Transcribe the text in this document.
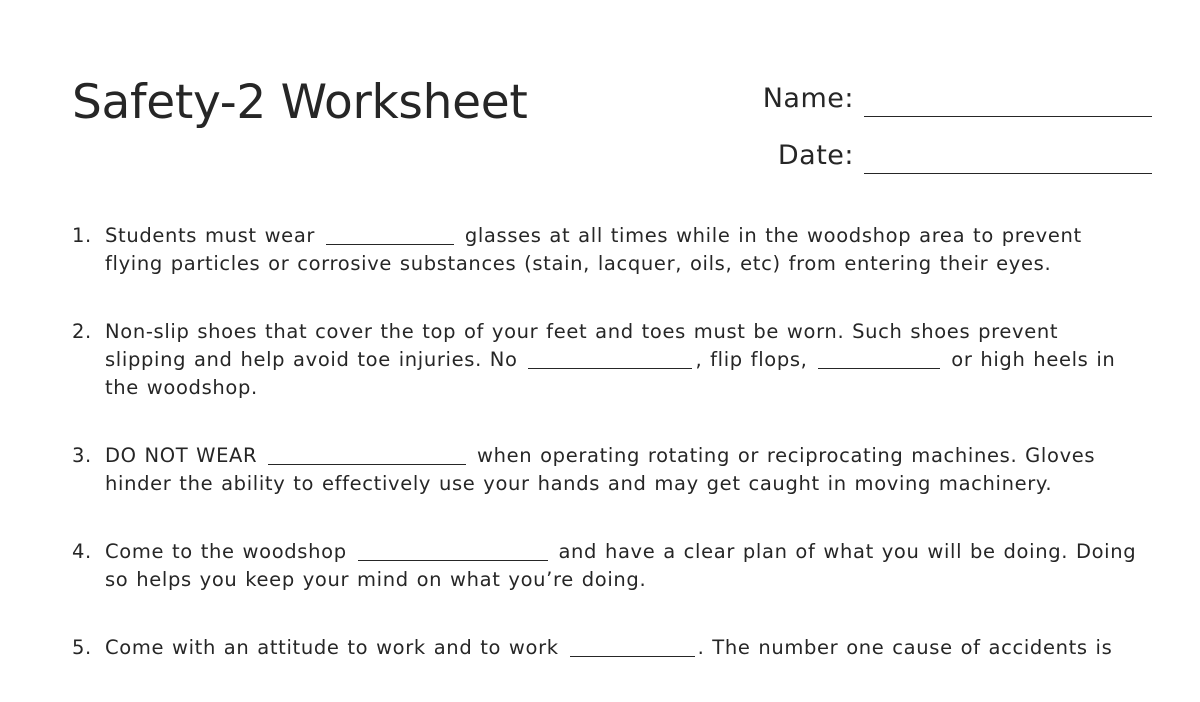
Safety-2 Worksheet	Name:
Date:
1. Students must wear	glasses at all times while in the woodshop area to prevent flying particles or corrosive substances (stain, lacquer, oils, etc) from entering their eyes.
2. Non-slip shoes that cover the top of your feet and toes must be worn. Such shoes prevent slipping and help avoid toe injuries. No	, flip flops,	or high heels in the woodshop.
3. DO NOT WEAR	when operating rotating or reciprocating machines. Gloves hinder the ability to effectively use your hands and may get caught in moving machinery.
4. Come to the woodshop	and have a clear plan of what you will be doing. Doing so helps you keep your mind on what you’re doing.
5. Come with an attitude to work and to work	. The number one cause of accidents is
